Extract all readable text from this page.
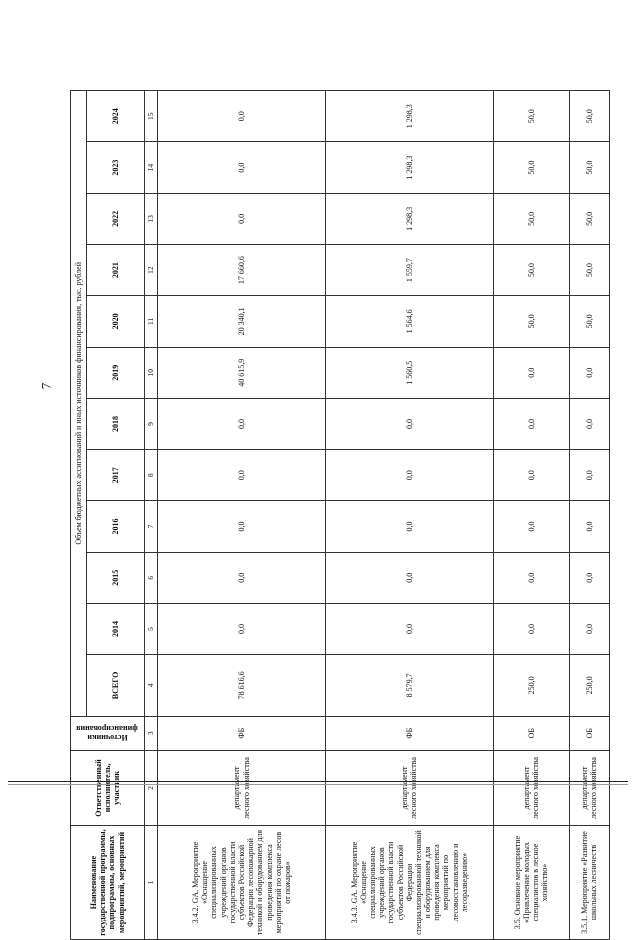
7
Наименование государственной программы, подпрограммы, основных мероприятий, мероприятий	Ответственный исполнитель, участник	Источники финансирования	Объем бюджетных ассигнований и иных источников финансирования, тыс. рублей											
			ВСЕГО	2014	2015	2016	2017	2018	2019	2020	2021	2022	2023	2024
1	2	3	4	5	6	7	8	9	10	11	12	13	14	15
3.4.2. GA. Мероприятие «Оснащение специализированных учреждений органов государственной власти субъектов Российской Федерации лесопожарной техникой и оборудованием для проведения комплекса мероприятий по охране лесов от пожаров»	департамент лесного хозяйства	ФБ	78 616,6	0,0	0,0	0,0	0,0	0,0	40 615,9	20 340,1	17 660,6	0,0	0,0	0,0
3.4.3. GA. Мероприятие «Оснащение специализированных учреждений органов государственной власти субъектов Российской Федерации специализированной техникой и оборудованием для проведения комплекса мероприятий по лесовосстановлению и лесоразведению»	департамент лесного хозяйства	ФБ	8 579,7	0,0	0,0	0,0	0,0	0,0	1 560,5	1 564,6	1 559,7	1 298,3	1 298,3	1 298,3
3.5. Основное мероприятие «Привлечение молодых специалистов в лесное хозяйство»	департамент лесного хозяйства	ОБ	250,0	0,0	0,0	0,0	0,0	0,0	0,0	50,0	50,0	50,0	50,0	50,0
3.5.1. Мероприятие «Развитие школьных лесничеств	департамент лесного хозяйства	ОБ	250,0	0,0	0,0	0,0	0,0	0,0	0,0	50,0	50,0	50,0	50,0	50,0
